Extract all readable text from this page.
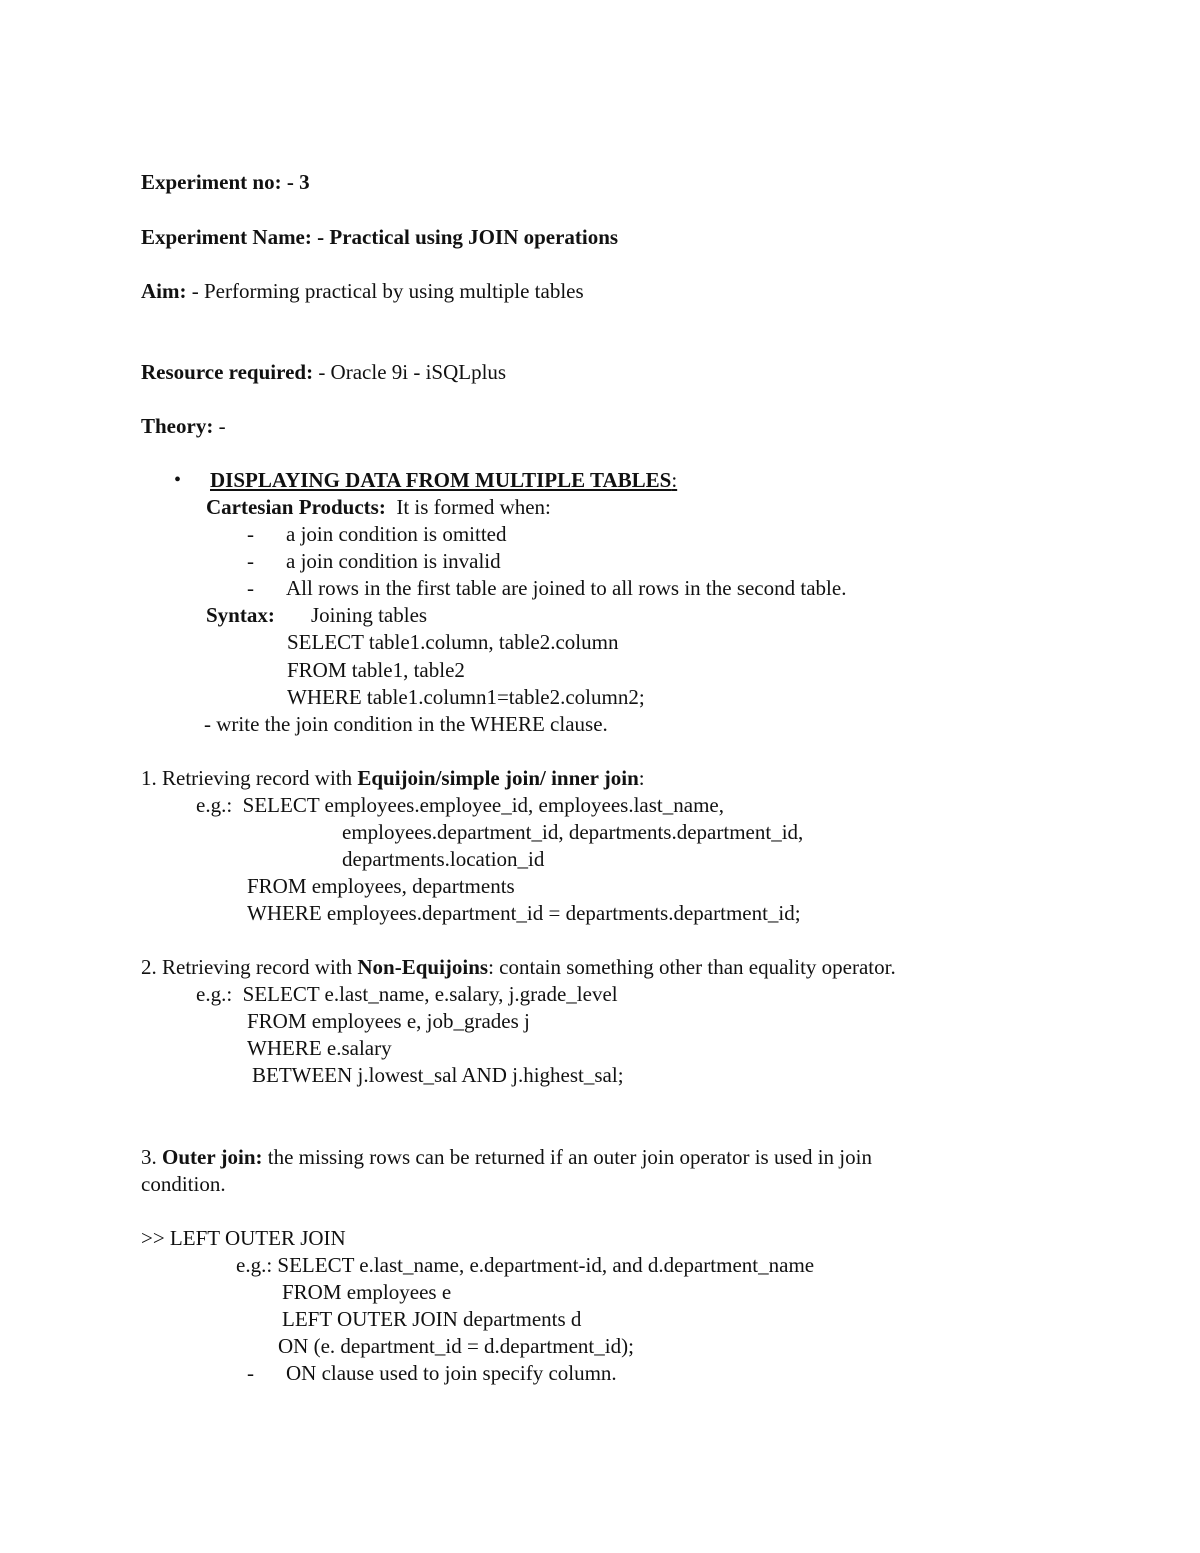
Experiment no: - 3
Experiment Name: - Practical using JOIN operations
Aim: - Performing practical by using multiple tables
Resource required: - Oracle 9i - iSQLplus
Theory: -
• DISPLAYING DATA FROM MULTIPLE TABLES:
Cartesian Products:  It is formed when:
- a join condition is omitted
- a join condition is invalid
- All rows in the first table are joined to all rows in the second table.
Syntax: Joining tables
SELECT table1.column, table2.column
FROM table1, table2
WHERE table1.column1=table2.column2;
- write the join condition in the WHERE clause.
1. Retrieving record with Equijoin/simple join/ inner join:
e.g.:  SELECT employees.employee_id, employees.last_name,
employees.department_id, departments.department_id,
departments.location_id
FROM employees, departments
WHERE employees.department_id = departments.department_id;
2. Retrieving record with Non-Equijoins: contain something other than equality operator.
e.g.:  SELECT e.last_name, e.salary, j.grade_level
FROM employees e, job_grades j
WHERE e.salary
BETWEEN j.lowest_sal AND j.highest_sal;
3. Outer join: the missing rows can be returned if an outer join operator is used in join
condition.
>> LEFT OUTER JOIN
e.g.: SELECT e.last_name, e.department-id, and d.department_name
FROM employees e
LEFT OUTER JOIN departments d
ON (e. department_id = d.department_id);
- ON clause used to join specify column.
